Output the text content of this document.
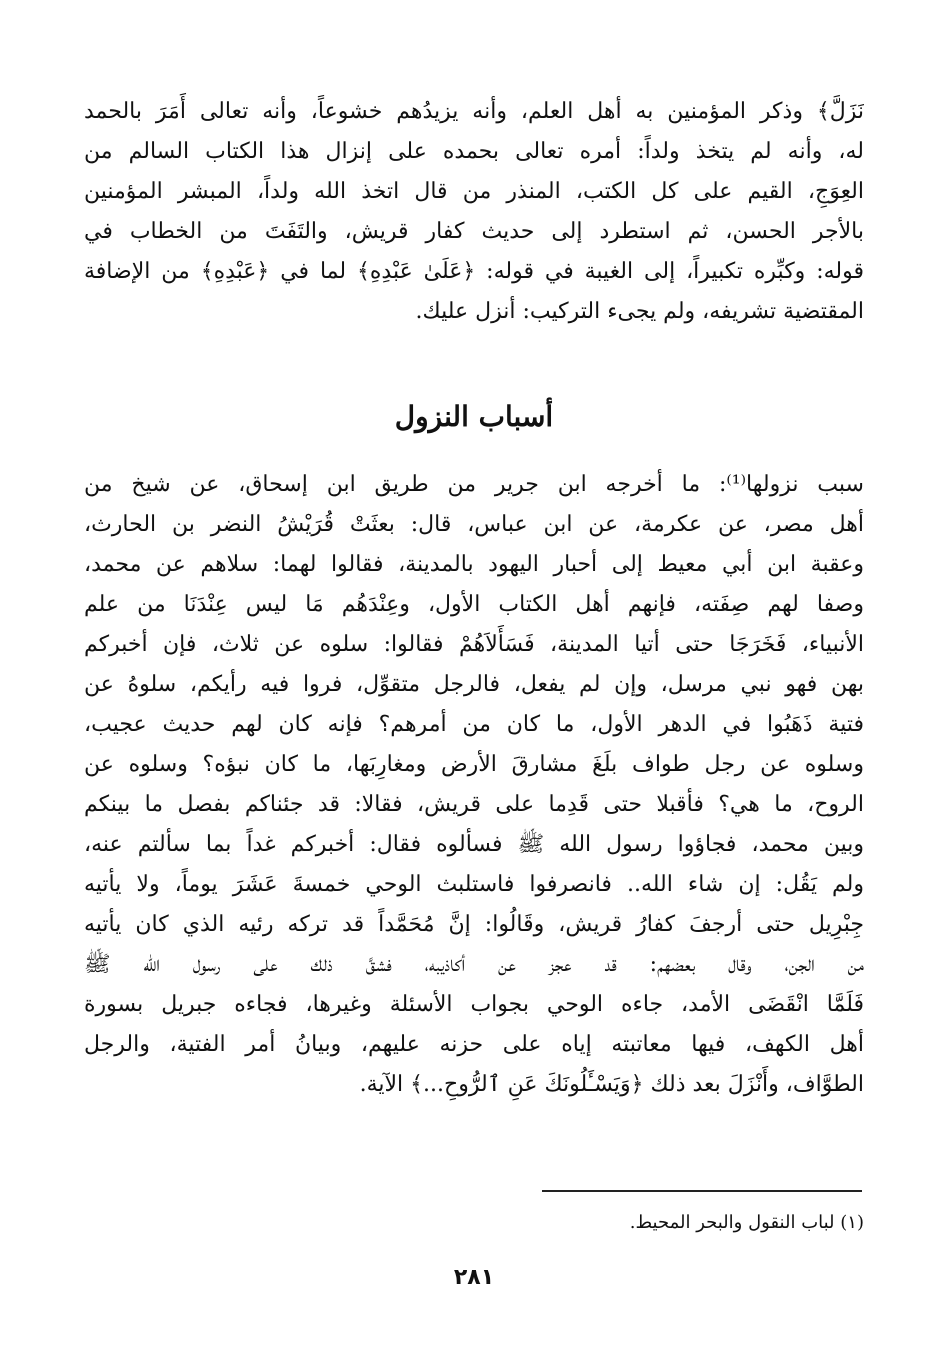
نَزَلَّ﴾ وذكر المؤمنين به أهل العلم، وأنه يزيدُهم خشوعاً، وأنه تعالى أَمَرَ بالحمد
له، وأنه لم يتخذ ولداً: أمره تعالى بحمده على إنزال هذا الكتاب السالم من
العِوَجِ، القيم على كل الكتب، المنذر من قال اتخذ الله ولداً، المبشر المؤمنين
بالأجر الحسن، ثم استطرد إلى حديث كفار قريش، والتَفَتَ من الخطاب في
قوله: وكبِّره تكبيراً، إلى الغيبة في قوله: ﴿عَلَىٰ عَبْدِهِ﴾ لما في ﴿عَبْدِهِ﴾ من الإضافة
المقتضية تشريفه، ولم يجىء التركيب: أنزل عليك.
أسباب النزول
سبب نزولها⁽¹⁾: ما أخرجه ابن جرير من طريق ابن إسحاق، عن شيخ من
أهل مصر، عن عكرمة، عن ابن عباس، قال: بعثَتْ قُرَيْشُ النضر بن الحارث،
وعقبة ابن أبي معيط إلى أحبار اليهود بالمدينة، فقالوا لهما: سلاهم عن محمد،
وصفا لهم صِفَته، فإنهم أهل الكتاب الأول، وعِنْدَهُم مَا ليس عِنْدَنَا من علم
الأنبياء، فَخَرَجَا حتى أتيا المدينة، فَسَأَلاَهُمْ فقالوا: سلوه عن ثلاث، فإن أخبركم
بهن فهو نبي مرسل، وإن لم يفعل، فالرجل متقوِّل، فروا فيه رأيكم، سلوهُ عن
فتية ذَهَبُوا في الدهر الأول، ما كان من أمرهم؟ فإنه كان لهم حديث عجيب،
وسلوه عن رجل طواف بلَغَ مشارقَ الأرض ومغارِبَها، ما كان نبؤه؟ وسلوه عن
الروح، ما هي؟ فأقبلا حتى قَدِما على قريش، فقالا: قد جئناكم بفصل ما بينكم
وبين محمد، فجاؤوا رسول الله ﷺ فسألوه فقال: أخبركم غداً بما سألتم عنه،
ولم يَقُل: إن شاء الله.. فانصرفوا فاستلبث الوحي خمسةَ عَشَرَ يوماً، ولا يأتيه
جِبْرِيل حتى أرجفَ كفارُ قريش، وقَالُوا: إنَّ مُحَمَّداً قد تركه رئيه الذي كان يأتيه
من الجن، وقال بعضهم: قد عجز عن أكاذيبه، فشقَّ ذلك على رسول الله ﷺ
فَلَمَّا انْقَضَى الأمد، جاءه الوحي بجواب الأسئلة وغيرها، فجاءه جبريل بسورة
أهل الكهف، فيها معاتبته إياه على حزنه عليهم، وبيانُ أمر الفتية، والرجل
الطوَّاف، وأَنْزَلَ بعد ذلك ﴿وَيَسْـَٔلُونَكَ عَنِ ٱلرُّوحِ...﴾ الآية.
(١) لباب النقول والبحر المحيط.
٢٨١
